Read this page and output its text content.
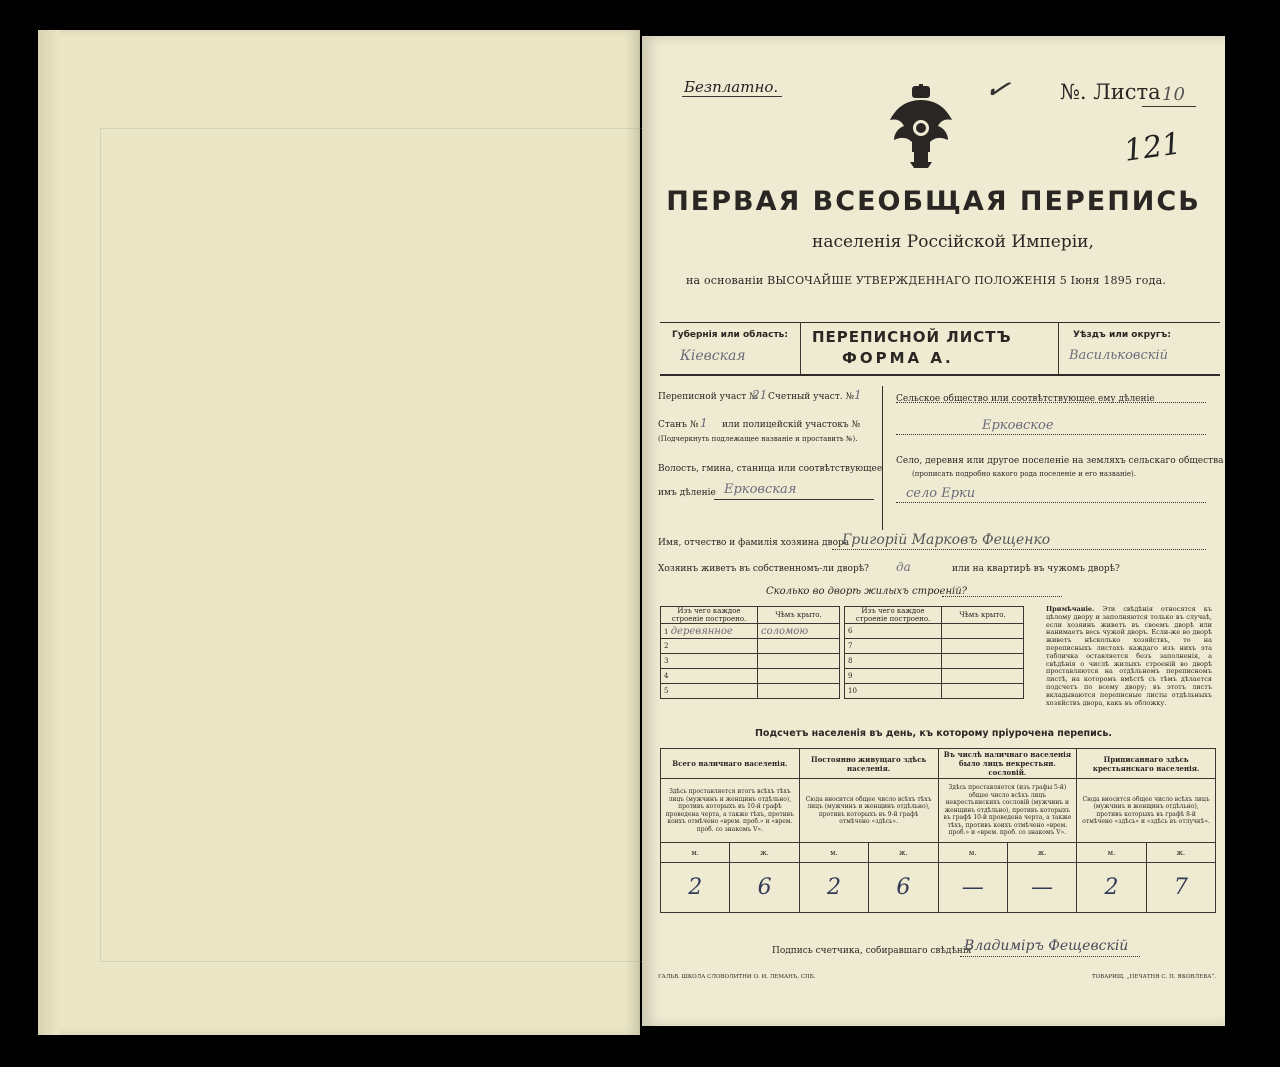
Безплатно.	✓ №. Листа 10
121
ПЕРВАЯ ВСЕОБЩАЯ ПЕРЕПИСЬ
населенія Россійской Имперіи,
на основаніи ВЫСОЧАЙШЕ УТВЕРЖДЕННАГО ПОЛОЖЕНІЯ 5 Іюня 1895 года.
Губернія или область:
Кіевская
ПЕРЕПИСНОЙ ЛИСТЪ
ФОРМА А.
Уѣздъ или округъ:
Васильковскій
Переписной участ №
21 Счетный участ. № 1
Станъ № 1 или полицейскій участокъ №
(Подчеркнуть подлежащее названіе и проставить №).
Волость, гмина, станица или соотвѣтствующее
имъ дѣленіе Ерковская
Сельское общество или соотвѣтствующее ему дѣленіе
Ерковское
Село, деревня или другое поселеніе на земляхъ сельскаго общества
(прописать подробно какого рода поселеніе и его названіе).
село Ерки
Имя, отчество и фамилія хозяина двора
Григорій Марковъ Фещенко
Хозяинъ живетъ въ собственномъ-ли дворѣ? да	или на квартирѣ въ чужомъ дворѣ?
Сколько во дворѣ жилыхъ строеній?
Изъ чего каждое строеніе построено.	Чѣмъ крыто.
1 деревянное	соломою
2	
3	
4	
5	
Изъ чего каждое строеніе построено.	Чѣмъ крыто.
6	
7	
8	
9	
10	
Примѣчаніе. Эти свѣдѣнія относятся къ цѣлому двору и заполняются только въ случаѣ, если хозяинъ живетъ въ своемъ дворѣ или нанимаетъ весь чужой дворъ. Если-же во дворѣ живетъ нѣсколько хозяйствъ, то на переписныхъ листахъ каждаго изъ нихъ эта табличка оставляется безъ заполненія, а свѣдѣнія о числѣ жилыхъ строеній во дворѣ проставляются на отдѣльномъ переписномъ листѣ, на которомъ вмѣстѣ съ тѣмъ дѣлается подсчетъ по всему двору; въ этотъ листъ вкладываются переписные листы отдѣльныхъ хозяйствъ двора, какъ въ обложку.
Подсчетъ населенія въ день, къ которому пріурочена перепись.
Всего наличнаго населенія.		Постоянно живущаго здѣсь населенія.		Въ числѣ наличнаго населенія было лицъ некрестьян. сословій.		Приписаннаго здѣсь крестьянскаго населенія.	
Здѣсь проставляется итогъ всѣхъ тѣхъ лицъ (мужчинъ и женщинъ отдѣльно), противъ которыхъ въ 10-й графѣ проведена черта, а также тѣхъ, противъ коихъ отмѣчено «врем. проб.» и «врем. проб. со знакомъ V».		Сюда вносится общее число всѣхъ тѣхъ лицъ (мужчинъ и женщинъ отдѣльно), противъ которыхъ въ 9-й графѣ отмѣчено «здѣсь».		Здѣсь проставляется (изъ графы 5-й) общее число всѣхъ лицъ некрестьянскихъ сословій (мужчинъ и женщинъ отдѣльно), противъ которыхъ въ графѣ 10-й проведена черта, а также тѣхъ, противъ коихъ отмѣчено «врем. проб.» и «врем. проб. со знакомъ V».		Сюда вносится общее число всѣхъ лицъ (мужчинъ и женщинъ отдѣльно), противъ которыхъ въ графѣ 8-й отмѣчено «здѣсь» и «здѣсь въ отлучкѣ».	
м.	ж.	м.	ж.	м.	ж.	м.	ж.
2	6	2	6	—	—	2	7
Подпись счетчика, собиравшаго свѣдѣнія
Владиміръ Фещевскій
ГАЛЬВ. ШКОЛА СЛОВОЛИТНИ О. И. ЛЕМАНЪ, СПБ.	ТОВАРИЩ. „ПЕЧАТНЯ С. П. ЯКОВЛЕВА“.
